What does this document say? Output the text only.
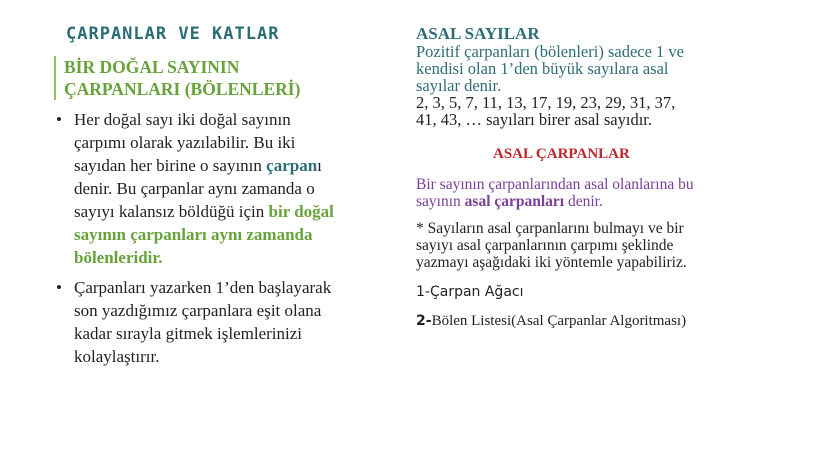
ÇARPANLAR VE KATLAR
BİR DOĞAL SAYININ
ÇARPANLARI (BÖLENLERİ)
• Her doğal sayı iki doğal sayının
çarpımı olarak yazılabilir. Bu iki
sayıdan her birine o sayının çarpanı
denir. Bu çarpanlar aynı zamanda o
sayıyı kalansız böldüğü için bir doğal
sayının çarpanları aynı zamanda
bölenleridir.
• Çarpanları yazarken 1’den başlayarak
son yazdığımız çarpanlara eşit olana
kadar sırayla gitmek işlemlerinizi
kolaylaştırır.
ASAL SAYILAR
Pozitif çarpanları (bölenleri) sadece 1 ve
kendisi olan 1’den büyük sayılara asal
sayılar denir.
2, 3, 5, 7, 11, 13, 17, 19, 23, 29, 31, 37,
41, 43, … sayıları birer asal sayıdır.
ASAL ÇARPANLAR
Bir sayının çarpanlarından asal olanlarına bu
sayının asal çarpanları denir.
* Sayıların asal çarpanlarını bulmayı ve bir
sayıyı asal çarpanlarının çarpımı şeklinde
yazmayı aşağıdaki iki yöntemle yapabiliriz.
1-Çarpan Ağacı
2-Bölen Listesi(Asal Çarpanlar Algoritması)
